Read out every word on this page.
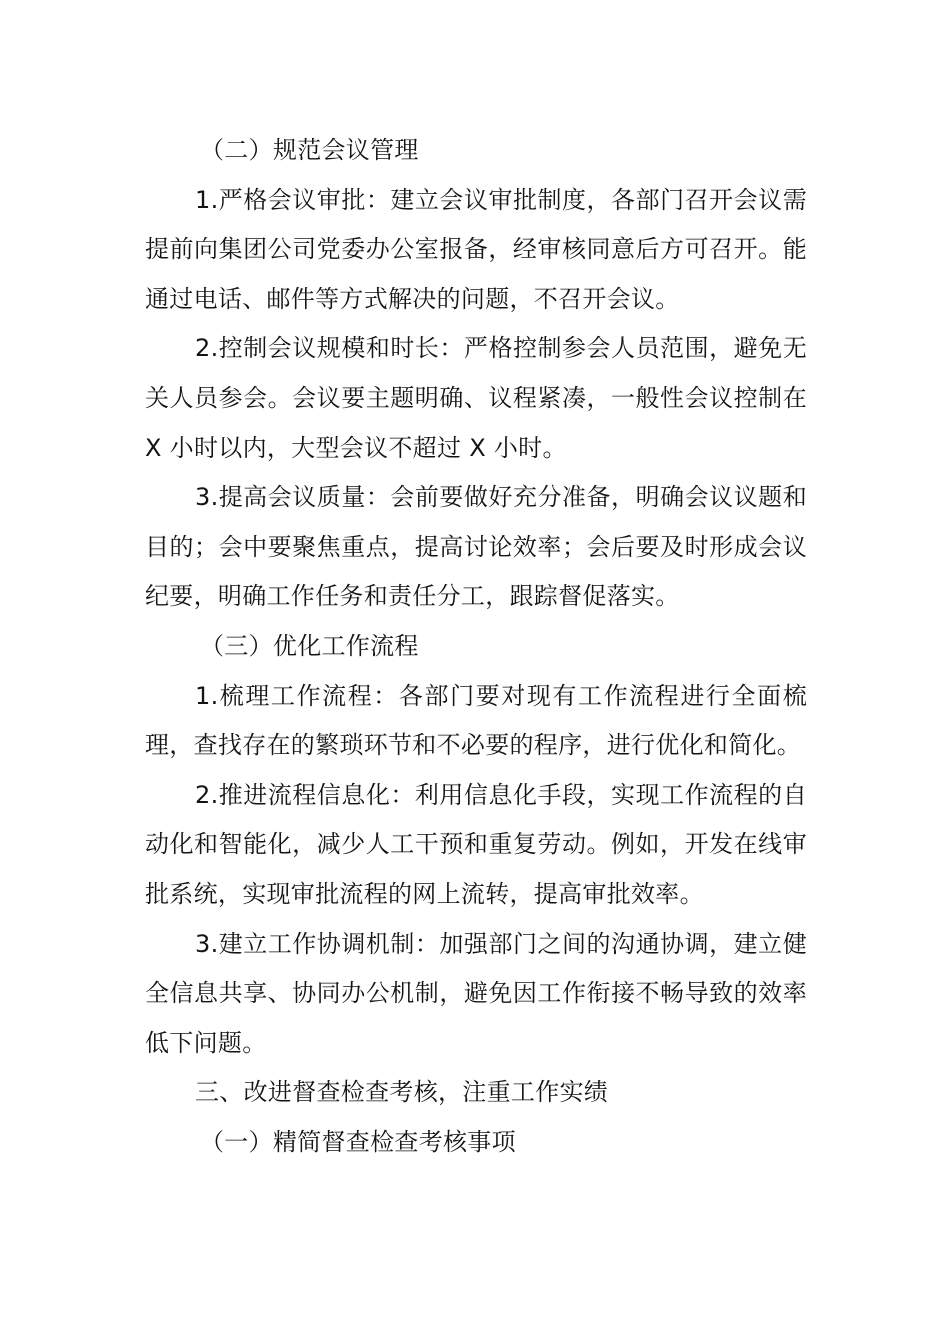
（二）规范会议管理

1.严格会议审批：建立会议审批制度，各部门召开会议需提前向集团公司党委办公室报备，经审核同意后方可召开。能通过电话、邮件等方式解决的问题，不召开会议。

2.控制会议规模和时长：严格控制参会人员范围，避免无关人员参会。会议要主题明确、议程紧凑，一般性会议控制在 X 小时以内，大型会议不超过 X 小时。

3.提高会议质量：会前要做好充分准备，明确会议议题和目的；会中要聚焦重点，提高讨论效率；会后要及时形成会议纪要，明确工作任务和责任分工，跟踪督促落实。

（三）优化工作流程

1.梳理工作流程：各部门要对现有工作流程进行全面梳理，查找存在的繁琐环节和不必要的程序，进行优化和简化。

2.推进流程信息化：利用信息化手段，实现工作流程的自动化和智能化，减少人工干预和重复劳动。例如，开发在线审批系统，实现审批流程的网上流转，提高审批效率。

3.建立工作协调机制：加强部门之间的沟通协调，建立健全信息共享、协同办公机制，避免因工作衔接不畅导致的效率低下问题。

三、改进督查检查考核，注重工作实绩

（一）精简督查检查考核事项
